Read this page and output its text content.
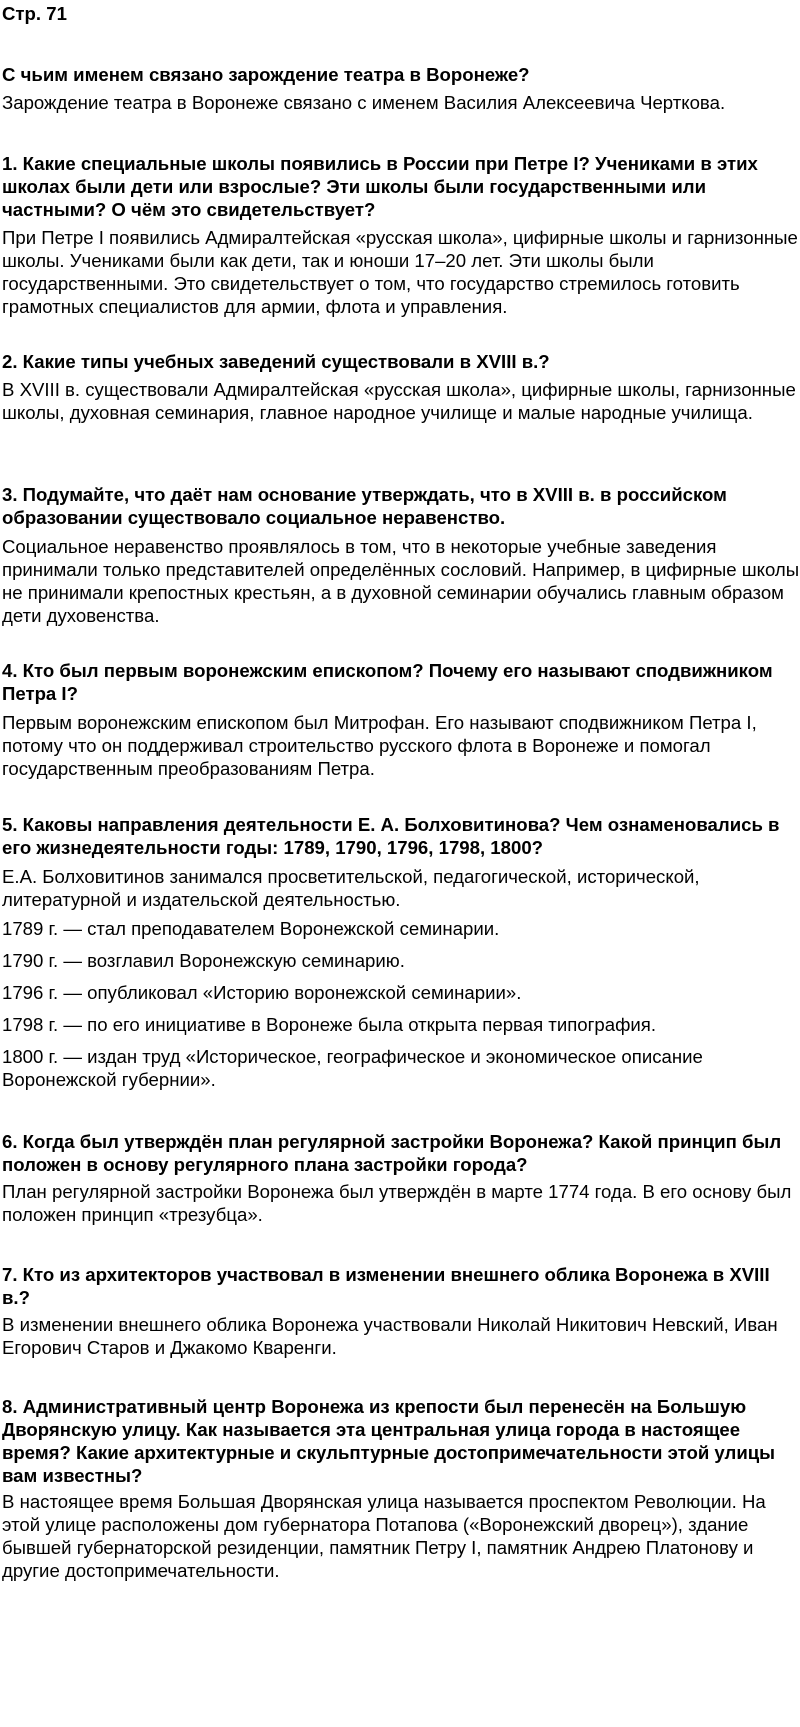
Стр. 71

С чьим именем связано зарождение театра в Воронеже?

Зарождение театра в Воронеже связано с именем Василия Алексеевича Черткова.

1. Какие специальные школы появились в России при Петре I? Учениками в этих школах были дети или взрослые? Эти школы были государственными или частными? О чём это свидетельствует?

При Петре I появились Адмиралтейская «русская школа», цифирные школы и гарнизонные школы. Учениками были как дети, так и юноши 17–20 лет. Эти школы были государственными. Это свидетельствует о том, что государство стремилось готовить грамотных специалистов для армии, флота и управления.

2. Какие типы учебных заведений существовали в XVIII в.?

В XVIII в. существовали Адмиралтейская «русская школа», цифирные школы, гарнизонные школы, духовная семинария, главное народное училище и малые народные училища.

3. Подумайте, что даёт нам основание утверждать, что в XVIII в. в российском образовании существовало социальное неравенство.

Социальное неравенство проявлялось в том, что в некоторые учебные заведения принимали только представителей определённых сословий. Например, в цифирные школы не принимали крепостных крестьян, а в духовной семинарии обучались главным образом дети духовенства.

4. Кто был первым воронежским епископом? Почему его называют сподвижником Петра I?

Первым воронежским епископом был Митрофан. Его называют сподвижником Петра I, потому что он поддерживал строительство русского флота в Воронеже и помогал государственным преобразованиям Петра.

5. Каковы направления деятельности Е. А. Болховитинова? Чем ознаменовались в его жизнедеятельности годы: 1789, 1790, 1796, 1798, 1800?

Е.А. Болховитинов занимался просветительской, педагогической, исторической, литературной и издательской деятельностью.

1789 г. — стал преподавателем Воронежской семинарии.

1790 г. — возглавил Воронежскую семинарию.

1796 г. — опубликовал «Историю воронежской семинарии».

1798 г. — по его инициативе в Воронеже была открыта первая типография.

1800 г. — издан труд «Историческое, географическое и экономическое описание Воронежской губернии».

6. Когда был утверждён план регулярной застройки Воронежа? Какой принцип был положен в основу регулярного плана застройки города?

План регулярной застройки Воронежа был утверждён в марте 1774 года. В его основу был положен принцип «трезубца».

7. Кто из архитекторов участвовал в изменении внешнего облика Воронежа в XVIII в.?

В изменении внешнего облика Воронежа участвовали Николай Никитович Невский, Иван Егорович Старов и Джакомо Кваренги.

8. Административный центр Воронежа из крепости был перенесён на Большую Дворянскую улицу. Как называется эта центральная улица города в настоящее время? Какие архитектурные и скульптурные достопримечательности этой улицы вам известны?

В настоящее время Большая Дворянская улица называется проспектом Революции. На этой улице расположены дом губернатора Потапова («Воронежский дворец»), здание бывшей губернаторской резиденции, памятник Петру I, памятник Андрею Платонову и другие достопримечательности.
